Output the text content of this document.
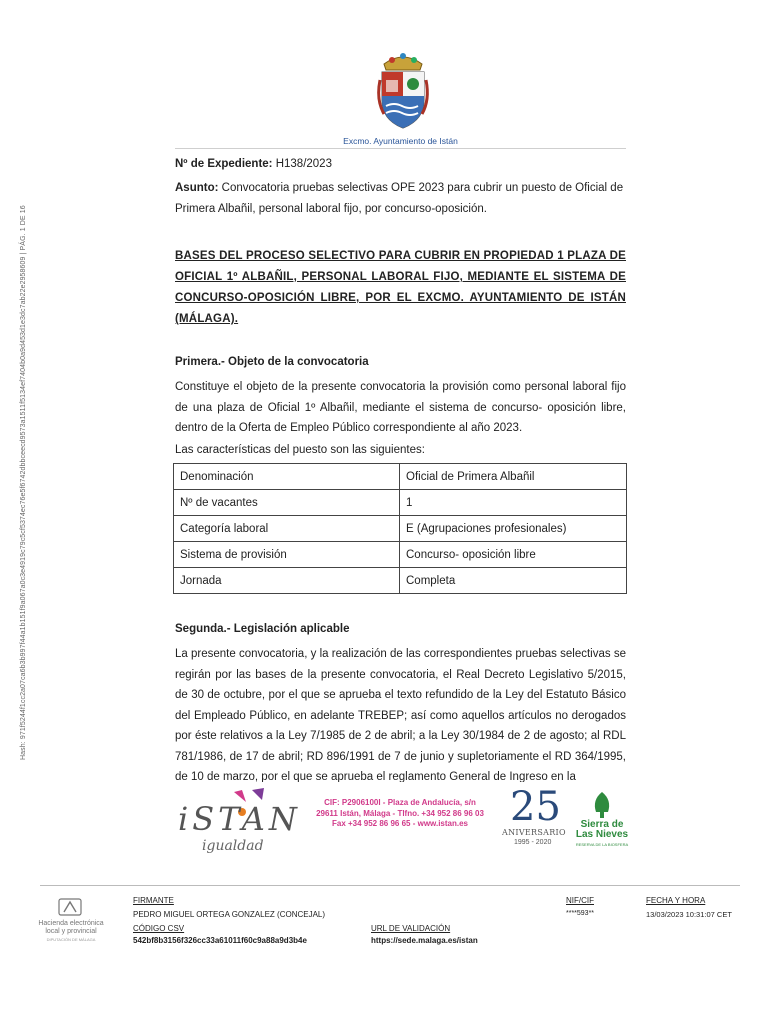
Hash: 971f5244f1cc2a07ca6b3b997f44a1b151f9a067a0c3e4919c79c5cf5374ec76e5f6742dbbceecd9573a1511f5134ef7404b0a9d453d1e3dc7ab22e2958609 | PÁG. 1 DE 16
Excmo. Ayuntamiento de Istán
Nº de Expediente: H138/2023
Asunto: Convocatoria pruebas selectivas OPE 2023 para cubrir un puesto de Oficial de
Primera Albañil, personal laboral fijo, por concurso-oposición.
BASES DEL PROCESO SELECTIVO PARA CUBRIR EN PROPIEDAD 1 PLAZA DE OFICIAL 1º ALBAÑIL, PERSONAL LABORAL FIJO, MEDIANTE EL SISTEMA DE CONCURSO-OPOSICIÓN LIBRE, POR EL EXCMO. AYUNTAMIENTO DE ISTÁN (MÁLAGA).
Primera.- Objeto de la convocatoria
Constituye el objeto de la presente convocatoria la provisión como personal laboral fijo de una plaza de Oficial 1º Albañil, mediante el sistema de concurso- oposición libre, dentro de la Oferta de Empleo Público correspondiente al año 2023.
Las características del puesto son las siguientes:
Denominación	Oficial de Primera Albañil
Nº de vacantes	1
Categoría laboral	E (Agrupaciones profesionales)
Sistema de provisión	Concurso- oposición libre
Jornada	Completa
Segunda.- Legislación aplicable
La presente convocatoria, y la realización de las correspondientes pruebas selectivas se regirán por las bases de la presente convocatoria, el Real Decreto Legislativo 5/2015, de 30 de octubre, por el que se aprueba el texto refundido de la Ley del Estatuto Básico del Empleado Público, en adelante TREBEP; así como aquellos artículos no derogados por éste relativos a la Ley 7/1985 de 2 de abril; a la Ley 30/1984 de 2 de agosto; al RDL 781/1986, de 17 de abril; RD 896/1991 de 7 de junio y supletoriamente el RD 364/1995, de 10 de marzo, por el que se aprueba el reglamento General de Ingreso en la
iSTAN
igualdad
CIF: P2906100I - Plaza de Andalucía, s/n
29611 Istán, Málaga - Tlfno. +34 952 86 96 03
Fax +34 952 86 96 65 - www.istan.es	25
ANIVERSARIO
1995 - 2020
Sierra de
Las Nieves
RESERVA DE LA BIOSFERA
Hacienda electrónica
local y provincial
DIPUTACIÓN DE MÁLAGA
FIRMANTE
PEDRO MIGUEL ORTEGA GONZALEZ (CONCEJAL)
NIF/CIF
****593**
FECHA Y HORA
13/03/2023 10:31:07 CET
CÓDIGO CSV
542bf8b3156f326cc33a61011f60c9a88a9d3b4e
URL DE VALIDACIÓN
https://sede.malaga.es/istan
